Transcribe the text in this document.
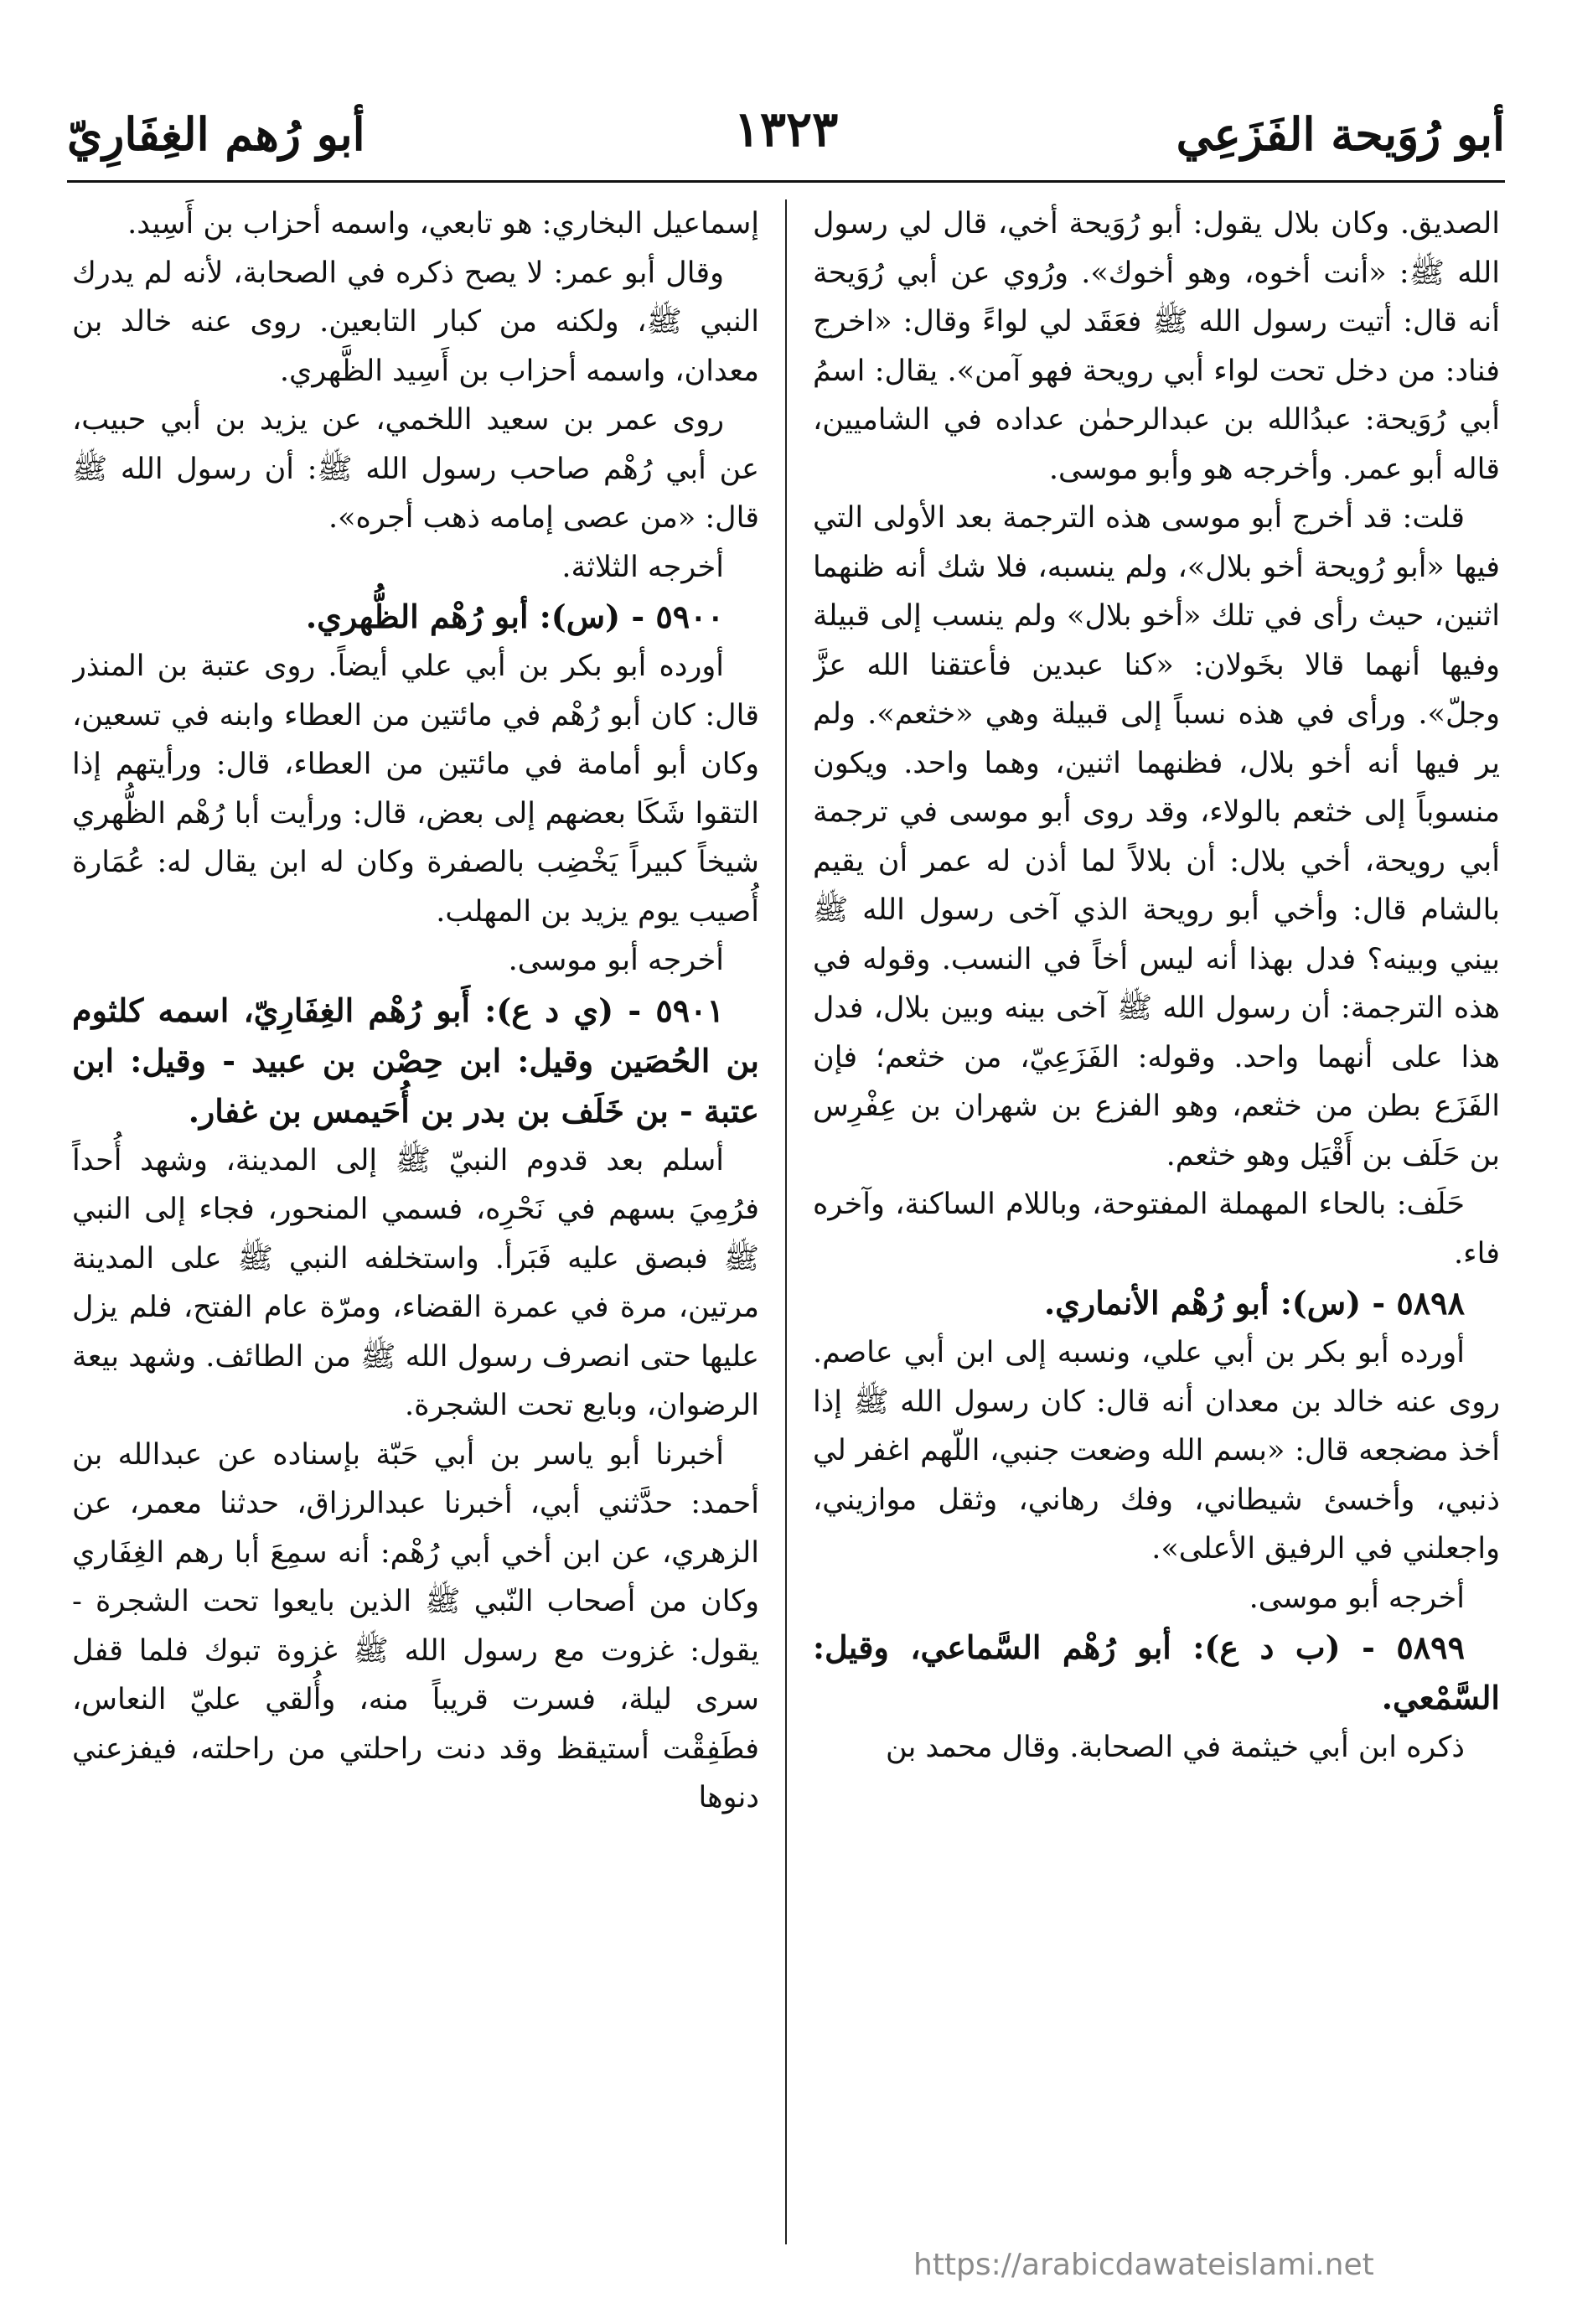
أبو رُوَيحة الفَزَعِي
١٣٢٣
أبو رُهم الغِفَارِيّ

الصديق. وكان بلال يقول: أبو رُوَيحة أخي، قال لي رسول الله ﷺ: «أنت أخوه، وهو أخوك». ورُوي عن أبي رُوَيحة أنه قال: أتيت رسول الله ﷺ فعَقَد لي لواءً وقال: «اخرج فناد: من دخل تحت لواء أبي رويحة فهو آمن». يقال: اسمُ أبي رُوَيحة: عبدُالله بن عبدالرحمٰن عداده في الشاميين، قاله أبو عمر. وأخرجه هو وأبو موسى.

قلت: قد أخرج أبو موسى هذه الترجمة بعد الأولى التي فيها «أبو رُويحة أخو بلال»، ولم ينسبه، فلا شك أنه ظنهما اثنين، حيث رأى في تلك «أخو بلال» ولم ينسب إلى قبيلة وفيها أنهما قالا بخَولان: «كنا عبدين فأعتقنا الله عزَّ وجلّ». ورأى في هذه نسباً إلى قبيلة وهي «خثعم». ولم ير فيها أنه أخو بلال، فظنهما اثنين، وهما واحد. ويكون منسوباً إلى خثعم بالولاء، وقد روى أبو موسى في ترجمة أبي رويحة، أخي بلال: أن بلالاً لما أذن له عمر أن يقيم بالشام قال: وأخي أبو رويحة الذي آخى رسول الله ﷺ بيني وبينه؟ فدل بهذا أنه ليس أخاً في النسب. وقوله في هذه الترجمة: أن رسول الله ﷺ آخى بينه وبين بلال، فدل هذا على أنهما واحد. وقوله: الفَزَعِيّ، من خثعم؛ فإن الفَزَع بطن من خثعم، وهو الفزع بن شهران بن عِفْرِس بن حَلَف بن أَقْيَل وهو خثعم.

حَلَف: بالحاء المهملة المفتوحة، وباللام الساكنة، وآخره فاء.

٥٨٩٨ - (س): أبو رُهْم الأنماري.

أورده أبو بكر بن أبي علي، ونسبه إلى ابن أبي عاصم. روى عنه خالد بن معدان أنه قال: كان رسول الله ﷺ إذا أخذ مضجعه قال: «بسم الله وضعت جنبي، اللّهم اغفر لي ذنبي، وأخسئ شيطاني، وفك رهاني، وثقل موازيني، واجعلني في الرفيق الأعلى».

أخرجه أبو موسى.

٥٨٩٩ - (ب د ع): أبو رُهْم السَّماعي، وقيل: السَّمْعي.

ذكره ابن أبي خيثمة في الصحابة. وقال محمد بن

إسماعيل البخاري: هو تابعي، واسمه أحزاب بن أَسِيد.

وقال أبو عمر: لا يصح ذكره في الصحابة، لأنه لم يدرك النبي ﷺ، ولكنه من كبار التابعين. روى عنه خالد بن معدان، واسمه أحزاب بن أَسِيد الظَّهري.

روى عمر بن سعيد اللخمي، عن يزيد بن أبي حبيب، عن أبي رُهْم صاحب رسول الله ﷺ: أن رسول الله ﷺ قال: «من عصى إمامه ذهب أجره».

أخرجه الثلاثة.

٥٩٠٠ - (س): أبو رُهْم الظُّهري.

أورده أبو بكر بن أبي علي أيضاً. روى عتبة بن المنذر قال: كان أبو رُهْم في مائتين من العطاء وابنه في تسعين، وكان أبو أمامة في مائتين من العطاء، قال: ورأيتهم إذا التقوا شَكَا بعضهم إلى بعض، قال: ورأيت أبا رُهْم الظُّهري شيخاً كبيراً يَخْضِب بالصفرة وكان له ابن يقال له: عُمَارة أُصيب يوم يزيد بن المهلب.

أخرجه أبو موسى.

٥٩٠١ - (ي د ع): أَبو رُهْم الغِفَارِيّ، اسمه كلثوم بن الحُصَين وقيل: ابن حِصْن بن عبيد - وقيل: ابن عتبة - بن خَلَف بن بدر بن أُحَيمس بن غفار.

أسلم بعد قدوم النبيّ ﷺ إلى المدينة، وشهد أُحداً فرُمِيَ بسهم في نَحْرِه، فسمي المنحور، فجاء إلى النبي ﷺ فبصق عليه فَبَرأ. واستخلفه النبي ﷺ على المدينة مرتين، مرة في عمرة القضاء، ومرّة عام الفتح، فلم يزل عليها حتى انصرف رسول الله ﷺ من الطائف. وشهد بيعة الرضوان، وبايع تحت الشجرة.

أخبرنا أبو ياسر بن أبي حَبّة بإسناده عن عبدالله بن أحمد: حدَّثني أبي، أخبرنا عبدالرزاق، حدثنا معمر، عن الزهري، عن ابن أخي أبي رُهْم: أنه سمِعَ أبا رهم الغِفَاري وكان من أصحاب النّبي ﷺ الذين بايعوا تحت الشجرة - يقول: غزوت مع رسول الله ﷺ غزوة تبوك فلما قفل سرى ليلة، فسرت قريباً منه، وأُلقي عليّ النعاس، فطَفِقْت أستيقظ وقد دنت راحلتي من راحلته، فيفزعني دنوها

https://arabicdawateislami.net
